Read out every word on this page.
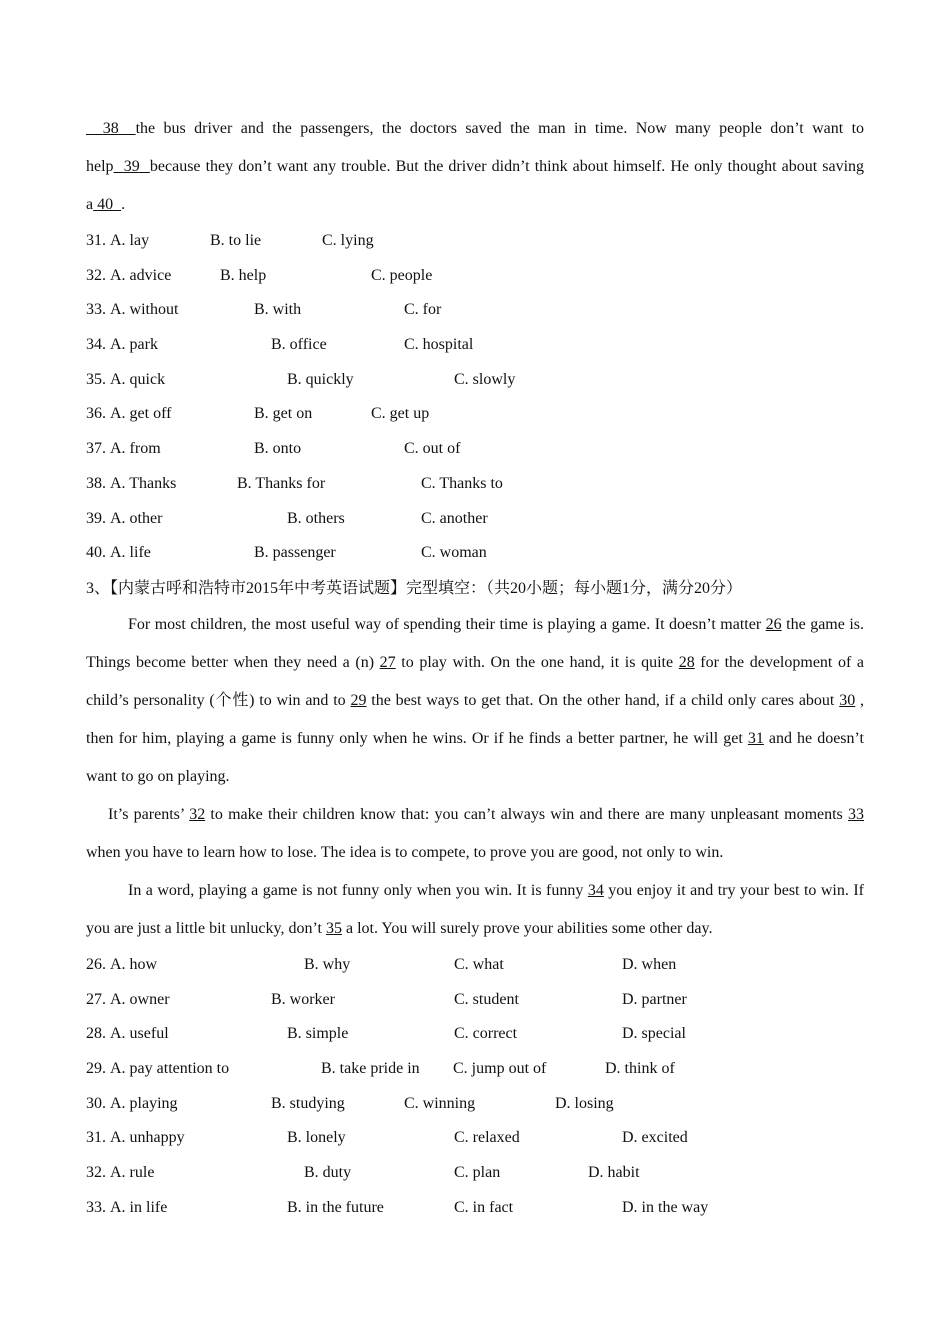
38 the bus driver and the passengers, the doctors saved the man in time. Now many people don’t want to help 39 because they don’t want any trouble. But the driver didn’t think about himself. He only thought about saving a 40 .

31. A. lay	B. to lie	C. lying
32. A. advice	B. help	C. people
33. A. without	B. with	C. for
34. A. park	B. office	C. hospital
35. A. quick	B. quickly	C. slowly
36. A. get off	B. get on	C. get up
37. A. from	B. onto	C. out of
38. A. Thanks	B. Thanks for	C. Thanks to
39. A. other	B. others	C. another
40. A. life	B. passenger	C. woman
3、【内蒙古呼和浩特市2015年中考英语试题】完型填空：（共20小题；每小题1分，满分20分）

For most children, the most useful way of spending their time is playing a game. It doesn’t matter 26 the game is. Things become better when they need a (n) 27 to play with. On the one hand, it is quite 28 for the development of a child’s personality (个性) to win and to 29 the best ways to get that. On the other hand, if a child only cares about 30 , then for him, playing a game is funny only when he wins. Or if he finds a better partner, he will get 31 and he doesn’t want to go on playing.

It’s parents’ 32 to make their children know that: you can’t always win and there are many unpleasant moments 33 when you have to learn how to lose. The idea is to compete, to prove you are good, not only to win.

In a word, playing a game is not funny only when you win. It is funny 34 you enjoy it and try your best to win. If you are just a little bit unlucky, don’t 35 a lot. You will surely prove your abilities some other day.

26. A. how	B. why	C. what	D. when
27. A. owner	B. worker	C. student	D. partner
28. A. useful	B. simple	C. correct	D. special
29. A. pay attention to	B. take pride in C. jump out of	D. think of
30. A. playing	B. studying	C. winning	D. losing
31. A. unhappy	B. lonely	C. relaxed	D. excited
32. A. rule	B. duty	C. plan	D. habit
33. A. in life	B. in the future	C. in fact	D. in the way
